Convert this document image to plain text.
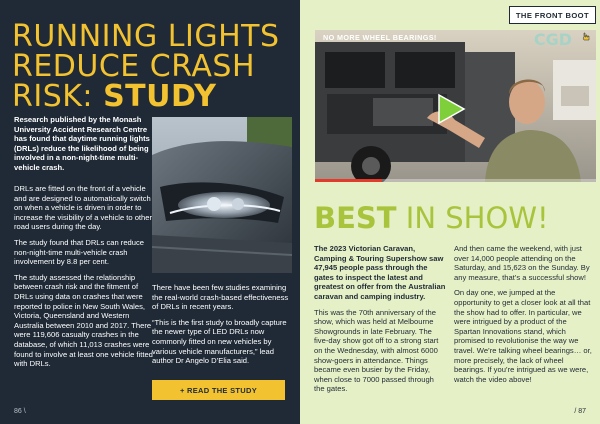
RUNNING LIGHTS
REDUCE CRASH
RISK: STUDY
Research published by the Monash University Accident Research Centre has found that daytime running lights (DRLs) reduce the likelihood of being involved in a non-night-time multi-vehicle crash.

DRLs are fitted on the front of a vehicle and are designed to automatically switch on when a vehicle is driven in order to increase the visibility of a vehicle to other road users during the day.

The study found that DRLs can reduce non-night-time multi-vehicle crash involvement by 8.8 per cent.

The study assessed the relationship between crash risk and the fitment of DRLs using data on crashes that were reported to police in New South Wales, Victoria, Queensland and Western Australia between 2010 and 2017. There were 119,606 casualty crashes in the database, of which 11,013 crashes were found to involve at least one vehicle fitted with DRLs.

There have been few studies examining the real-world crash-based effectiveness of DRLs in recent years.

“This is the first study to broadly capture the newer type of LED DRLs now commonly fitted on new vehicles by various vehicle manufacturers,” lead author Dr Angelo D’Elia said.

+ READ THE STUDY
86 \
THE FRONT BOOT
NO MORE WHEEL BEARINGS!	CGD
BEST IN SHOW!

The 2023 Victorian Caravan, Camping & Touring Supershow saw 47,945 people pass through the gates to inspect the latest and greatest on offer from the Australian caravan and camping industry.

This was the 70th anniversary of the show, which was held at Melbourne Showgrounds in late February. The five-day show got off to a strong start on the Wednesday, with almost 6000 show-goers in attendance. Things became even busier by the Friday, when close to 7000 passed through the gates.

And then came the weekend, with just over 14,000 people attending on the Saturday, and 15,623 on the Sunday. By any measure, that’s a successful show!

On day one, we jumped at the opportunity to get a closer look at all that the show had to offer. In particular, we were intrigued by a product of the Spartan Innovations stand, which promised to revolutionise the way we travel. We’re talking wheel bearings… or, more precisely, the lack of wheel bearings. If you’re intrigued as we were, watch the video above!

/ 87
